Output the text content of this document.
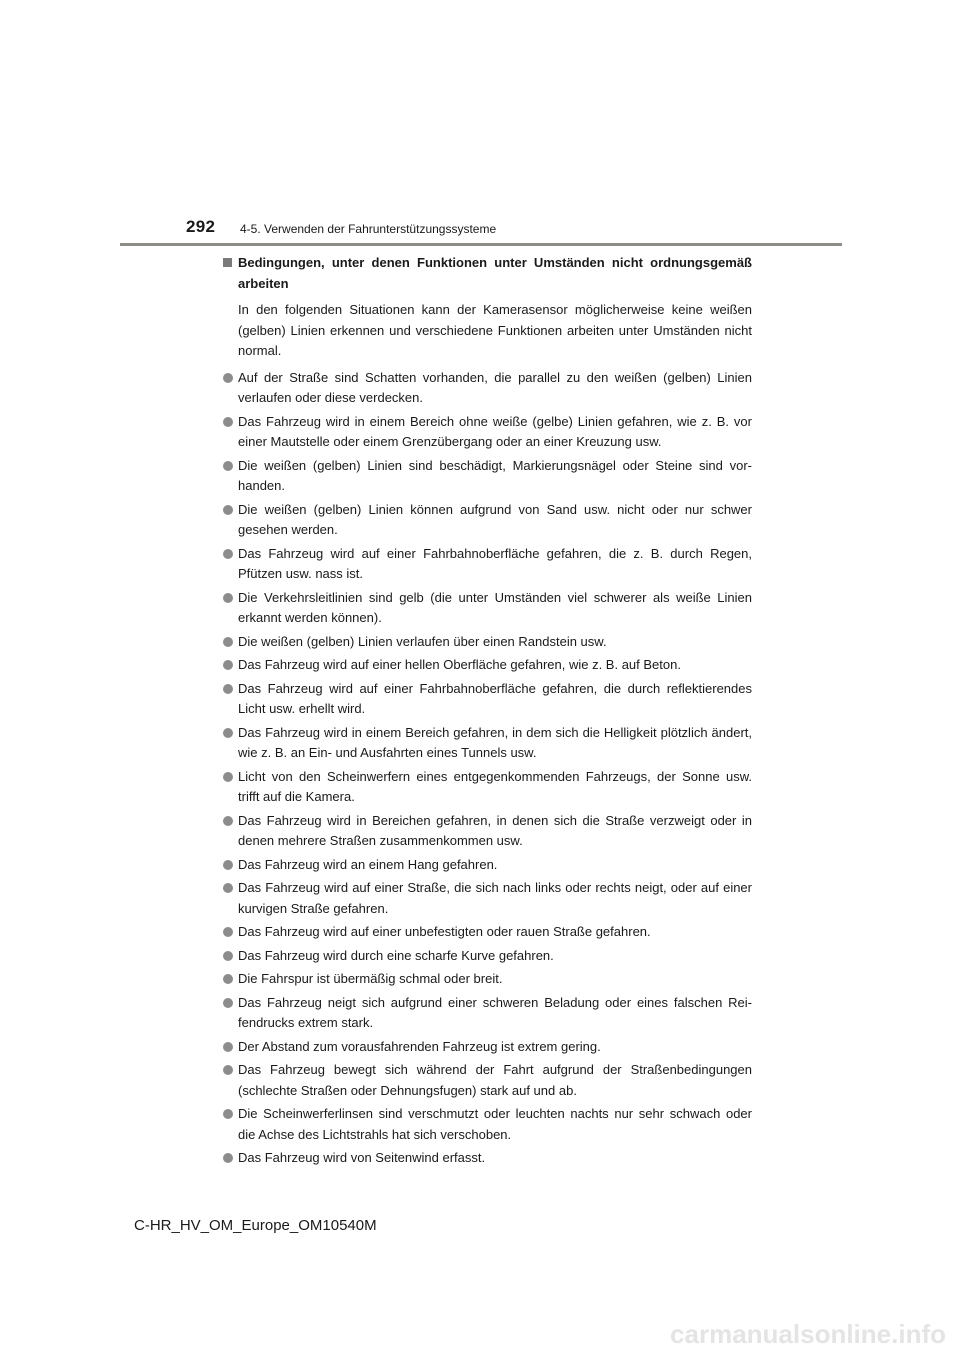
292 4-5. Verwenden der Fahrunterstützungssysteme

Bedingungen, unter denen Funktionen unter Umständen nicht ordnungsgemäß arbeiten

In den folgenden Situationen kann der Kamerasensor möglicherweise keine weißen (gelben) Linien erkennen und verschiedene Funktionen arbeiten unter Umständen nicht normal.

Auf der Straße sind Schatten vorhanden, die parallel zu den weißen (gelben) Linien verlaufen oder diese verdecken.
Das Fahrzeug wird in einem Bereich ohne weiße (gelbe) Linien gefahren, wie z. B. vor einer Mautstelle oder einem Grenzübergang oder an einer Kreuzung usw.
Die weißen (gelben) Linien sind beschädigt, Markierungsnägel oder Steine sind vor-handen.
Die weißen (gelben) Linien können aufgrund von Sand usw. nicht oder nur schwer gesehen werden.
Das Fahrzeug wird auf einer Fahrbahnoberfläche gefahren, die z. B. durch Regen, Pfützen usw. nass ist.
Die Verkehrsleitlinien sind gelb (die unter Umständen viel schwerer als weiße Linien erkannt werden können).
Die weißen (gelben) Linien verlaufen über einen Randstein usw.
Das Fahrzeug wird auf einer hellen Oberfläche gefahren, wie z. B. auf Beton.
Das Fahrzeug wird auf einer Fahrbahnoberfläche gefahren, die durch reflektierendes Licht usw. erhellt wird.
Das Fahrzeug wird in einem Bereich gefahren, in dem sich die Helligkeit plötzlich ändert, wie z. B. an Ein- und Ausfahrten eines Tunnels usw.
Licht von den Scheinwerfern eines entgegenkommenden Fahrzeugs, der Sonne usw. trifft auf die Kamera.
Das Fahrzeug wird in Bereichen gefahren, in denen sich die Straße verzweigt oder in denen mehrere Straßen zusammenkommen usw.
Das Fahrzeug wird an einem Hang gefahren.
Das Fahrzeug wird auf einer Straße, die sich nach links oder rechts neigt, oder auf einer kurvigen Straße gefahren.
Das Fahrzeug wird auf einer unbefestigten oder rauen Straße gefahren.
Das Fahrzeug wird durch eine scharfe Kurve gefahren.
Die Fahrspur ist übermäßig schmal oder breit.
Das Fahrzeug neigt sich aufgrund einer schweren Beladung oder eines falschen Rei-fendrucks extrem stark.
Der Abstand zum vorausfahrenden Fahrzeug ist extrem gering.
Das Fahrzeug bewegt sich während der Fahrt aufgrund der Straßenbedingungen (schlechte Straßen oder Dehnungsfugen) stark auf und ab.
Die Scheinwerferlinsen sind verschmutzt oder leuchten nachts nur sehr schwach oder die Achse des Lichtstrahls hat sich verschoben.
Das Fahrzeug wird von Seitenwind erfasst.
C-HR_HV_OM_Europe_OM10540M
carmanualsonline.info
